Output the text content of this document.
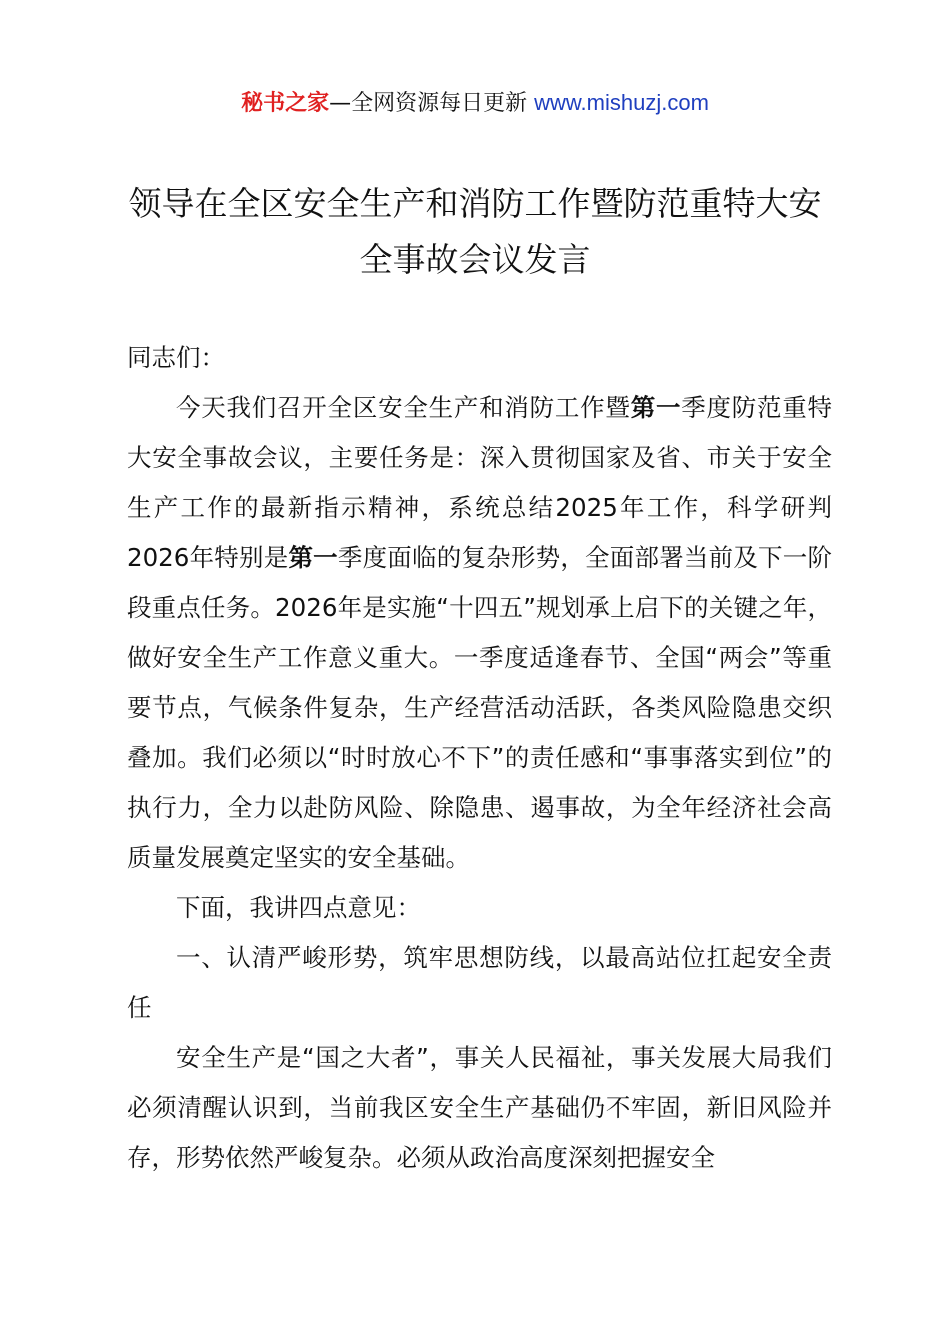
秘书之家—全网资源每日更新 www.mishuzj.com
领导在全区安全生产和消防工作暨防范重特大安全事故会议发言

同志们：

今天我们召开全区安全生产和消防工作暨第一季度防范重特大安全事故会议，主要任务是：深入贯彻国家及省、市关于安全生产工作的最新指示精神，系统总结2025年工作，科学研判2026年特别是第一季度面临的复杂形势，全面部署当前及下一阶段重点任务。2026年是实施“十四五”规划承上启下的关键之年，做好安全生产工作意义重大。一季度适逢春节、全国“两会”等重要节点，气候条件复杂，生产经营活动活跃，各类风险隐患交织叠加。我们必须以“时时放心不下”的责任感和“事事落实到位”的执行力，全力以赴防风险、除隐患、遏事故，为全年经济社会高质量发展奠定坚实的安全基础。

下面，我讲四点意见：

一、认清严峻形势，筑牢思想防线，以最高站位扛起安全责任

安全生产是“国之大者”，事关人民福祉，事关发展大局我们必须清醒认识到，当前我区安全生产基础仍不牢固，新旧风险并存，形势依然严峻复杂。必须从政治高度深刻把握安全
